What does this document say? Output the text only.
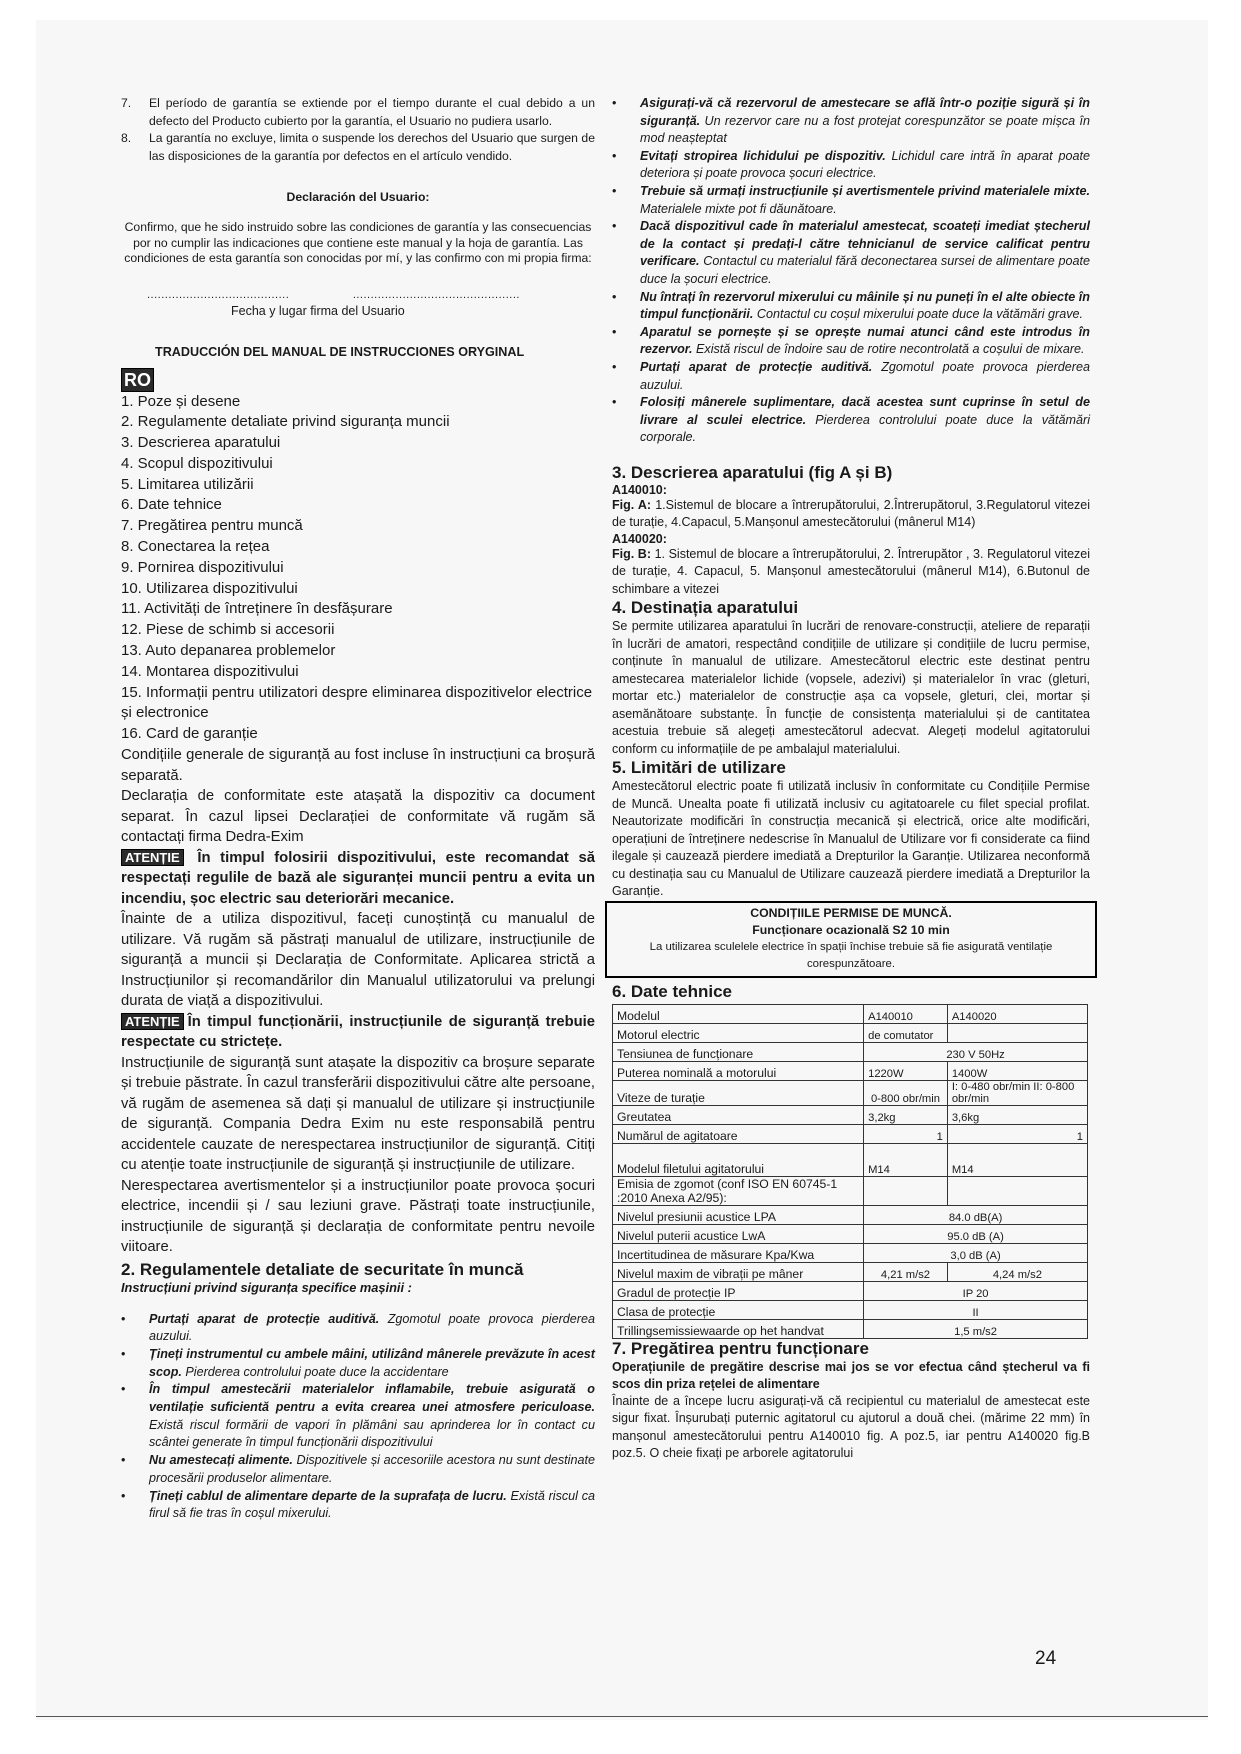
7.	El período de garantía se extiende por el tiempo durante el cual debido a un defecto del Producto cubierto por la garantía, el Usuario no pudiera usarlo.
8.	La garantía no excluye, limita o suspende los derechos del Usuario que surgen de las disposiciones de la garantía por defectos en el artículo vendido.

Declaración del Usuario:

Confirmo, que he sido instruido sobre las condiciones de garantía y las consecuencias por no cumplir las indicaciones que contiene este manual y la hoja de garantía. Las condiciones de esta garantía son conocidas por mí, y las confirmo con mi propia firma:

........................................	...............................................

Fecha y lugar firma del Usuario

TRADUCCIÓN DEL MANUAL DE INSTRUCCIONES ORYGINAL

RO
1. Poze și desene
2. Regulamente detaliate privind siguranța muncii
3. Descrierea aparatului
4. Scopul dispozitivului
5. Limitarea utilizării
6. Date tehnice
7. Pregătirea pentru muncă
8. Conectarea la rețea
9. Pornirea dispozitivului
10. Utilizarea dispozitivului
11. Activități de întreținere în desfășurare
12. Piese de schimb si accesorii
13. Auto depanarea problemelor
14. Montarea dispozitivului
15. Informații pentru utilizatori despre eliminarea dispozitivelor electrice și electronice
16. Card de garanție
Condițiile generale de siguranță au fost incluse în instrucțiuni ca broșură separată.
Declarația de conformitate este atașată la dispozitiv ca document separat. În cazul lipsei Declarației de conformitate vă rugăm să contactați firma Dedra-Exim
ATENȚIE În timpul folosirii dispozitivului, este recomandat să respectați regulile de bază ale siguranței muncii pentru a evita un incendiu, șoc electric sau deteriorări mecanice.
Înainte de a utiliza dispozitivul, faceți cunoștință cu manualul de utilizare. Vă rugăm să păstrați manualul de utilizare, instrucțiunile de siguranță a muncii și Declarația de Conformitate. Aplicarea strictă a Instrucțiunilor și recomandărilor din Manualul utilizatorului va prelungi durata de viață a dispozitivului.
ATENȚIE În timpul funcționării, instrucțiunile de siguranță trebuie respectate cu strictețe.
Instrucțiunile de siguranță sunt atașate la dispozitiv ca broșure separate și trebuie păstrate. În cazul transferării dispozitivului către alte persoane, vă rugăm de asemenea să dați și manualul de utilizare și instrucțiunile de siguranță. Compania Dedra Exim nu este responsabilă pentru accidentele cauzate de nerespectarea instrucțiunilor de siguranță. Citiți cu atenție toate instrucțiunile de siguranță și instrucțiunile de utilizare.
Nerespectarea avertismentelor și a instrucțiunilor poate provoca șocuri electrice, incendii și / sau leziuni grave. Păstrați toate instrucțiunile, instrucțiunile de siguranță și declarația de conformitate pentru nevoile viitoare.

2. Regulamentele detaliate de securitate în muncă

Instrucțiuni privind siguranța specifice mașinii :

•	Purtați aparat de protecție auditivă. Zgomotul poate provoca pierderea auzului.
•	Țineți instrumentul cu ambele mâini, utilizând mânerele prevăzute în acest scop. Pierderea controlului poate duce la accidentare
•	În timpul amestecării materialelor inflamabile, trebuie asigurată o ventilație suficientă pentru a evita crearea unei atmosfere periculoase. Există riscul formării de vapori în plămâni sau aprinderea lor în contact cu scântei generate în timpul funcționării dispozitivului
•	Nu amestecați alimente. Dispozitivele și accesoriile acestora nu sunt destinate procesării produselor alimentare.
•	Țineți cablul de alimentare departe de la suprafața de lucru. Există riscul ca firul să fie tras în coșul mixerului.
•	Asigurați-vă că rezervorul de amestecare se află într-o poziție sigură și în siguranță. Un rezervor care nu a fost protejat corespunzător se poate mișca în mod neașteptat
•	Evitați stropirea lichidului pe dispozitiv. Lichidul care intră în aparat poate deteriora și poate provoca șocuri electrice.
•	Trebuie să urmați instrucțiunile și avertismentele privind materialele mixte. Materialele mixte pot fi dăunătoare.
•	Dacă dispozitivul cade în materialul amestecat, scoateți imediat ștecherul de la contact și predați-l către tehnicianul de service calificat pentru verificare. Contactul cu materialul fără deconectarea sursei de alimentare poate duce la șocuri electrice.
•	Nu întrați în rezervorul mixerului cu mâinile și nu puneți în el alte obiecte în timpul funcționării. Contactul cu coșul mixerului poate duce la vătămări grave.
•	Aparatul se pornește și se oprește numai atunci când este introdus în rezervor. Există riscul de îndoire sau de rotire necontrolată a coșului de mixare.
•	Purtați aparat de protecție auditivă. Zgomotul poate provoca pierderea auzului.
•	Folosiți mânerele suplimentare, dacă acestea sunt cuprinse în setul de livrare al sculei electrice. Pierderea controlului poate duce la vătămări corporale.

3. Descrierea aparatului (fig A și B)

A140010:

Fig. A: 1.Sistemul de blocare a întrerupătorului, 2.Întrerupătorul, 3.Regulatorul vitezei de turație, 4.Capacul, 5.Manșonul amestecătorului (mânerul M14)

A140020:

Fig. B: 1. Sistemul de blocare a întrerupătorului, 2. Întrerupător , 3. Regulatorul vitezei de turație, 4. Capacul, 5. Manșonul amestecătorului (mânerul M14), 6.Butonul de schimbare a vitezei

4. Destinația aparatului

Se permite utilizarea aparatului în lucrări de renovare-construcții, ateliere de reparații în lucrări de amatori, respectând condițiile de utilizare și condițiile de lucru permise, conținute în manualul de utilizare. Amestecătorul electric este destinat pentru amestecarea materialelor lichide (vopsele, adezivi) și materialelor în vrac (gleturi, mortar etc.) materialelor de construcție așa ca vopsele, gleturi, clei, mortar și asemănătoare substanțe. În funcție de consistența materialului și de cantitatea acestuia trebuie să alegeți amestecătorul adecvat. Alegeți modelul agitatorului conform cu informațiile de pe ambalajul materialului.

5. Limitări de utilizare

Amestecătorul electric poate fi utilizată inclusiv în conformitate cu Condițiile Permise de Muncă. Unealta poate fi utilizată inclusiv cu agitatoarele cu filet special profilat. Neautorizate modificări în construcția mecanică și electrică, orice alte modificări, operațiuni de întreținere nedescrise în Manualul de Utilizare vor fi considerate ca fiind ilegale și cauzează pierdere imediată a Drepturilor la Garanție. Utilizarea neconformă cu destinația sau cu Manualul de Utilizare cauzează pierdere imediată a Drepturilor la Garanție.

CONDIȚIILE PERMISE DE MUNCĂ.
Funcționare ocazională S2 10 min
La utilizarea sculelele electrice în spații închise trebuie să fie asigurată ventilație corespunzătoare.

6. Date tehnice

Modelul	A140010	A140020
Motorul electric	de comutator	
Tensiunea de funcționare	230 V 50Hz	
Puterea nominală a motorului	1220W	1400W
Viteze de turație	0-800 obr/min	I: 0-480 obr/min II: 0-800 obr/min
Greutatea	3,2kg	3,6kg
Numărul de agitatoare	1	1
Modelul filetului agitatorului	M14	M14
Emisia de zgomot (conf ISO EN 60745-1 :2010 Anexa A2/95):		
Nivelul presiunii acustice LPA	84.0 dB(A)	
Nivelul puterii acustice LwA	95.0 dB (A)	
Incertitudinea de măsurare Kpa/Kwa	3,0 dB (A)	
Nivelul maxim de vibrații pe mâner	4,21 m/s2	4,24 m/s2
Gradul de protecție IP	IP 20	
Clasa de protecție	II	
Trillingsemissiewaarde op het handvat	1,5 m/s2	

7. Pregătirea pentru funcționare

Operațiunile de pregătire descrise mai jos se vor efectua când ștecherul va fi scos din priza rețelei de alimentare

Înainte de a începe lucru asigurați-vă că recipientul cu materialul de amestecat este sigur fixat. Înșurubați puternic agitatorul cu ajutorul a două chei. (mărime 22 mm) în manșonul amestecătorului pentru A140010 fig. A poz.5, iar pentru A140020 fig.B poz.5. O cheie fixați pe arborele agitatorului

24
